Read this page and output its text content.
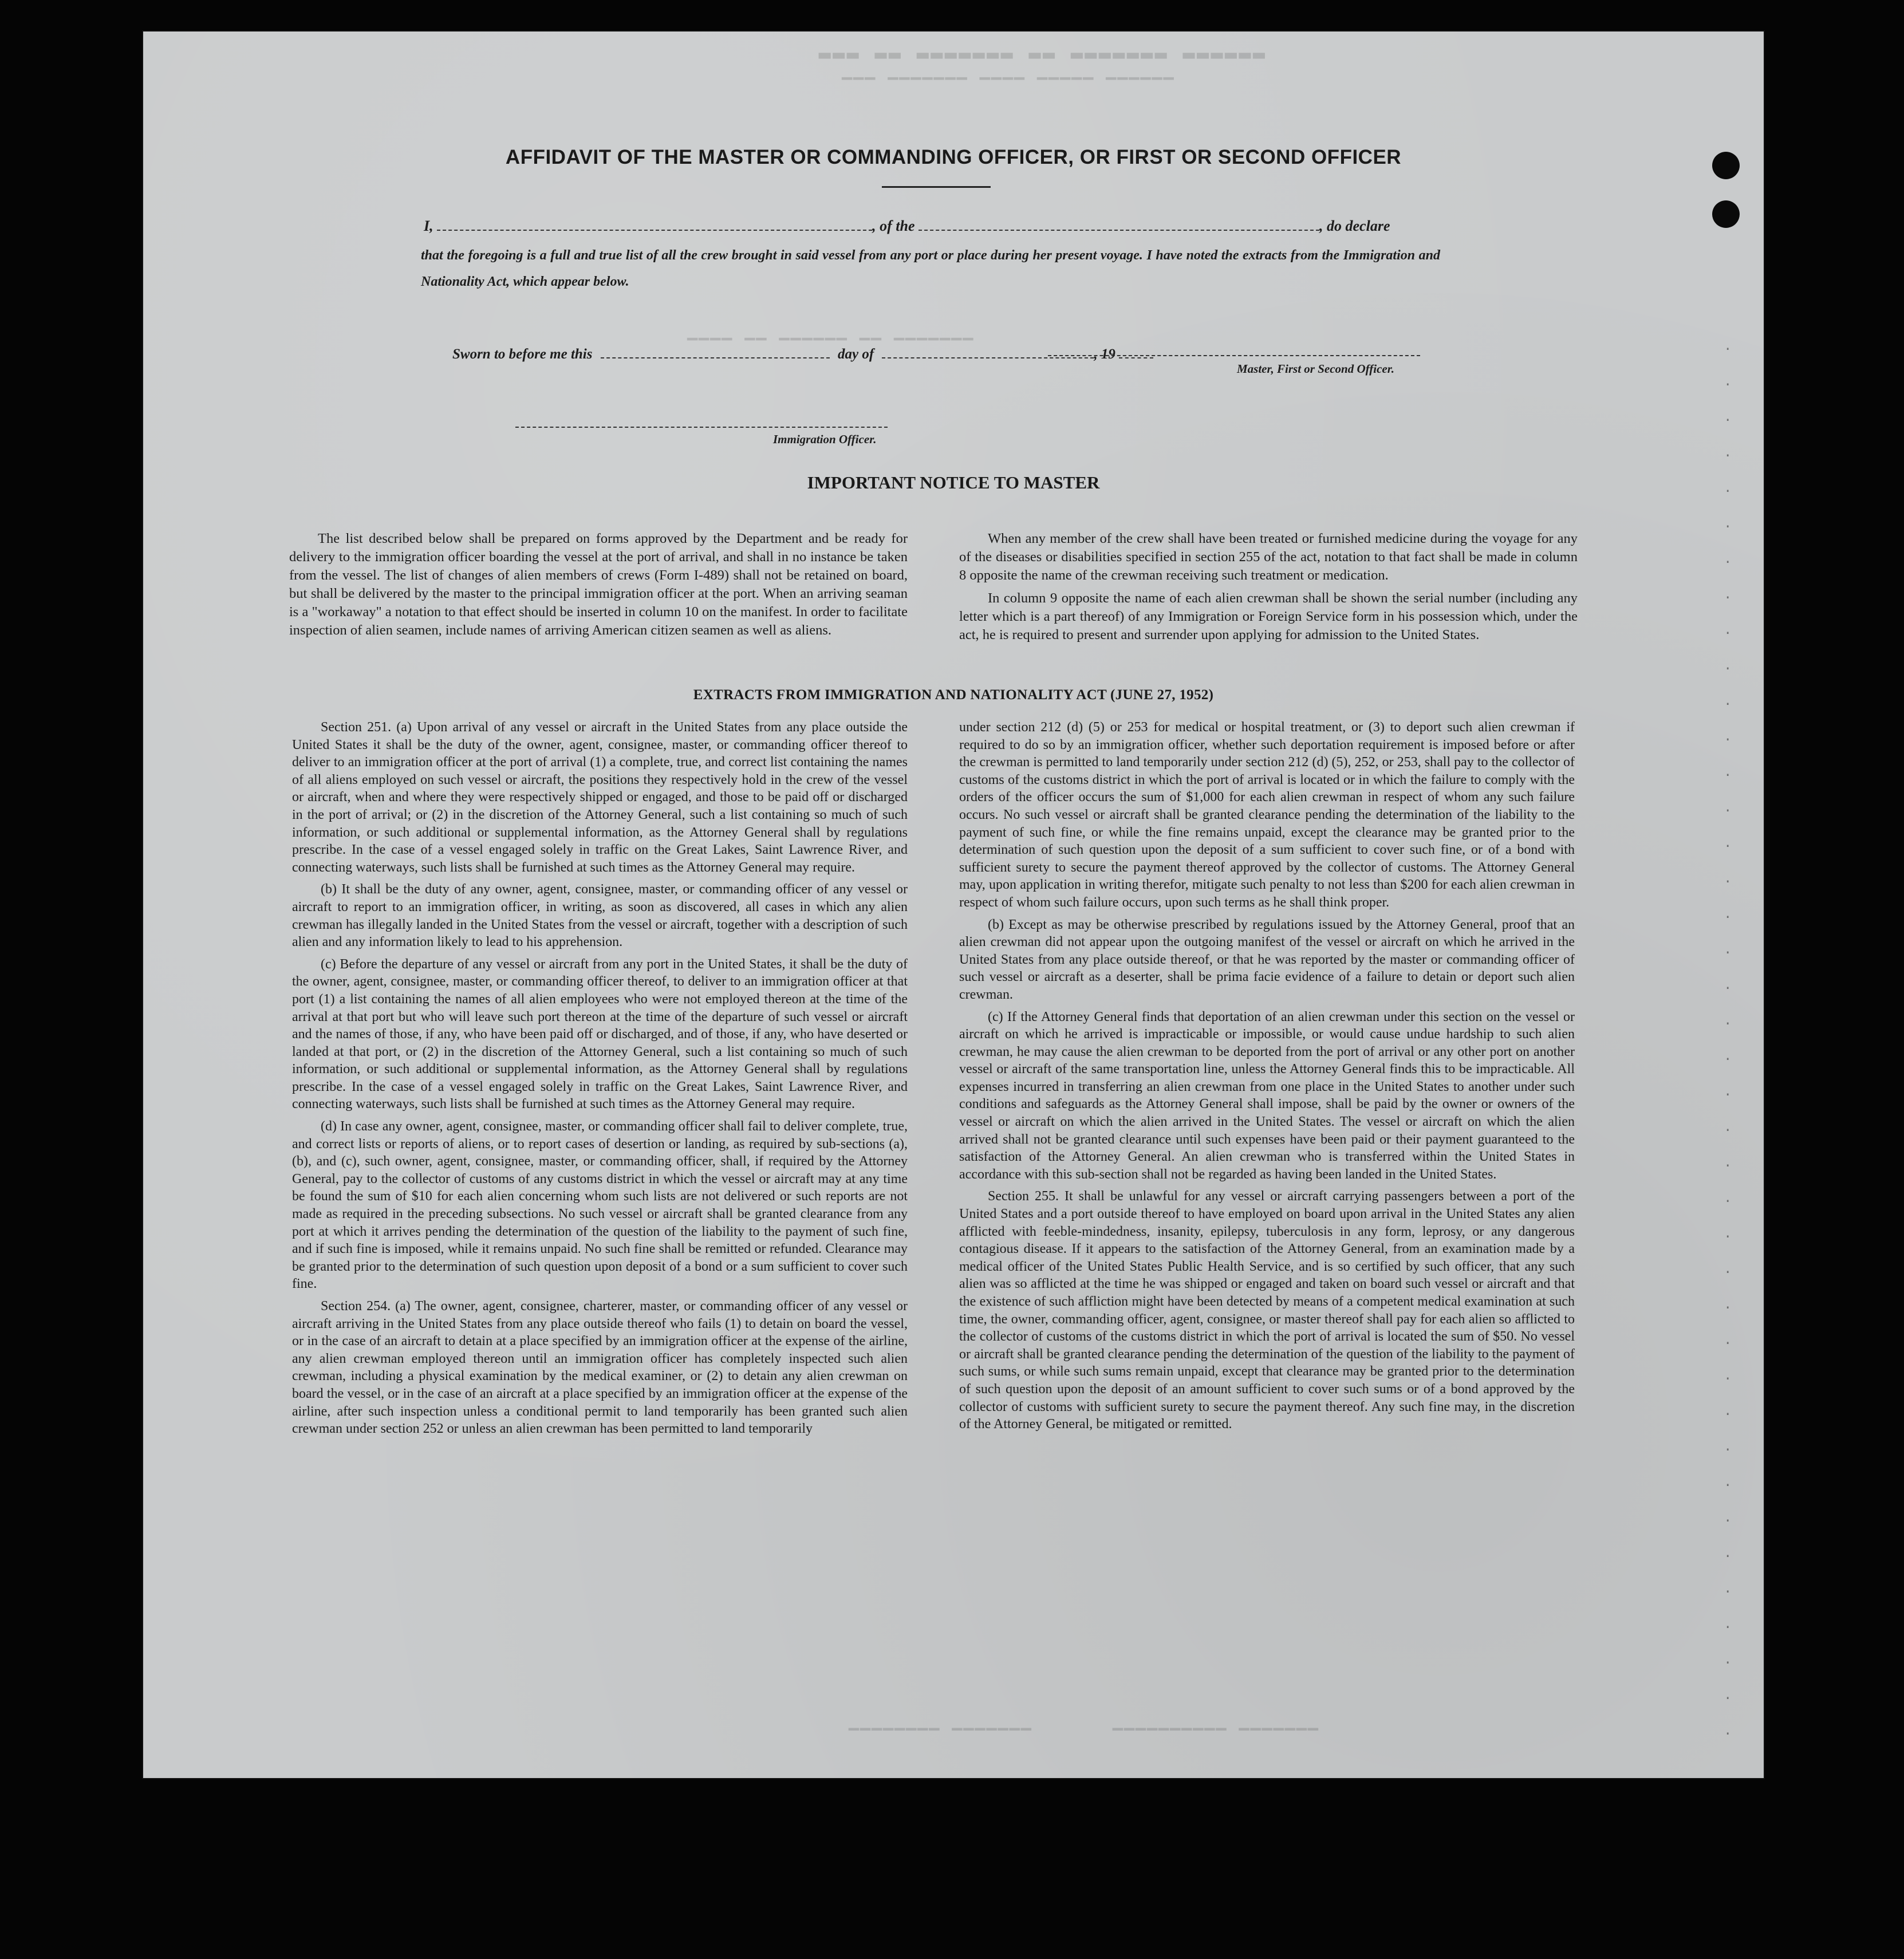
▂▂▂ ▂▂ ▂▂▂▂▂▂▂ ▂▂ ▂▂▂▂▂▂▂ ▂▂▂▂▂▂
▁▁▁ ▁▁▁▁▁▁▁ ▁▁▁▁ ▁▁▁▁▁ ▁▁▁▁▁▁
▁▁▁▁ ▁▁ ▁▁▁▁▁▁ ▁▁ ▁▁▁▁▁▁▁
▁▁▁▁▁▁▁ ▁▁▁▁▁▁▁▁▁▁       ▁▁▁▁▁▁▁ ▁▁▁▁▁▁▁▁
.
.
.
.
.
.
.
.
.
.
.
.
.
.
.
.
.
.
.
.
.
.
.
.
.
.
.
.
.
.
.
.
.
.
.
.
.
.
.
.
AFFIDAVIT OF THE MASTER OR COMMANDING OFFICER, OR FIRST OR SECOND OFFICER
I,	, of the	, do declare
that the foregoing is a full and true list of all the crew brought in said vessel from any port or place during her present voyage. I have noted the extracts from the Immigration and Nationality Act, which appear below.
Master, First or Second Officer.
Sworn to before me this	day of	, 19
Immigration Officer.
IMPORTANT NOTICE TO MASTER

The list described below shall be prepared on forms approved by the Department and be ready for delivery to the immigration officer boarding the vessel at the port of arrival, and shall in no instance be taken from the vessel. The list of changes of alien members of crews (Form I-489) shall not be retained on board, but shall be delivered by the master to the principal immigration officer at the port. When an arriving seaman is a "workaway" a notation to that effect should be inserted in column 10 on the manifest. In order to facilitate inspection of alien seamen, include names of arriving American citizen seamen as well as aliens.

When any member of the crew shall have been treated or furnished medicine during the voyage for any of the diseases or disabilities specified in section 255 of the act, notation to that fact shall be made in column 8 opposite the name of the crewman receiving such treatment or medication.

In column 9 opposite the name of each alien crewman shall be shown the serial number (including any letter which is a part thereof) of any Immigration or Foreign Service form in his possession which, under the act, he is required to present and surrender upon applying for admission to the United States.

EXTRACTS FROM IMMIGRATION AND NATIONALITY ACT (JUNE 27, 1952)

Section 251. (a) Upon arrival of any vessel or aircraft in the United States from any place outside the United States it shall be the duty of the owner, agent, consignee, master, or commanding officer thereof to deliver to an immigration officer at the port of arrival (1) a complete, true, and correct list containing the names of all aliens employed on such vessel or aircraft, the positions they respectively hold in the crew of the vessel or aircraft, when and where they were respectively shipped or engaged, and those to be paid off or discharged in the port of arrival; or (2) in the discretion of the Attorney General, such a list containing so much of such information, or such additional or supplemental information, as the Attorney General shall by regulations prescribe. In the case of a vessel engaged solely in traffic on the Great Lakes, Saint Lawrence River, and connecting waterways, such lists shall be furnished at such times as the Attorney General may require.

(b) It shall be the duty of any owner, agent, consignee, master, or commanding officer of any vessel or aircraft to report to an immigration officer, in writing, as soon as discovered, all cases in which any alien crewman has illegally landed in the United States from the vessel or aircraft, together with a description of such alien and any information likely to lead to his apprehension.

(c) Before the departure of any vessel or aircraft from any port in the United States, it shall be the duty of the owner, agent, consignee, master, or commanding officer thereof, to deliver to an immigration officer at that port (1) a list containing the names of all alien employees who were not employed thereon at the time of the arrival at that port but who will leave such port thereon at the time of the departure of such vessel or aircraft and the names of those, if any, who have been paid off or discharged, and of those, if any, who have deserted or landed at that port, or (2) in the discretion of the Attorney General, such a list containing so much of such information, or such additional or supplemental information, as the Attorney General shall by regulations prescribe. In the case of a vessel engaged solely in traffic on the Great Lakes, Saint Lawrence River, and connecting waterways, such lists shall be furnished at such times as the Attorney General may require.

(d) In case any owner, agent, consignee, master, or commanding officer shall fail to deliver complete, true, and correct lists or reports of aliens, or to report cases of desertion or landing, as required by sub-sections (a), (b), and (c), such owner, agent, consignee, master, or commanding officer, shall, if required by the Attorney General, pay to the collector of customs of any customs district in which the vessel or aircraft may at any time be found the sum of $10 for each alien concerning whom such lists are not delivered or such reports are not made as required in the preceding subsections. No such vessel or aircraft shall be granted clearance from any port at which it arrives pending the determination of the question of the liability to the payment of such fine, and if such fine is imposed, while it remains unpaid. No such fine shall be remitted or refunded. Clearance may be granted prior to the determination of such question upon deposit of a bond or a sum sufficient to cover such fine.

Section 254. (a) The owner, agent, consignee, charterer, master, or commanding officer of any vessel or aircraft arriving in the United States from any place outside thereof who fails (1) to detain on board the vessel, or in the case of an aircraft to detain at a place specified by an immigration officer at the expense of the airline, any alien crewman employed thereon until an immigration officer has completely inspected such alien crewman, including a physical examination by the medical examiner, or (2) to detain any alien crewman on board the vessel, or in the case of an aircraft at a place specified by an immigration officer at the expense of the airline, after such inspection unless a conditional permit to land temporarily has been granted such alien crewman under section 252 or unless an alien crewman has been permitted to land temporarily

under section 212 (d) (5) or 253 for medical or hospital treatment, or (3) to deport such alien crewman if required to do so by an immigration officer, whether such deportation requirement is imposed before or after the crewman is permitted to land temporarily under section 212 (d) (5), 252, or 253, shall pay to the collector of customs of the customs district in which the port of arrival is located or in which the failure to comply with the orders of the officer occurs the sum of $1,000 for each alien crewman in respect of whom any such failure occurs. No such vessel or aircraft shall be granted clearance pending the determination of the liability to the payment of such fine, or while the fine remains unpaid, except the clearance may be granted prior to the determination of such question upon the deposit of a sum sufficient to cover such fine, or of a bond with sufficient surety to secure the payment thereof approved by the collector of customs. The Attorney General may, upon application in writing therefor, mitigate such penalty to not less than $200 for each alien crewman in respect of whom such failure occurs, upon such terms as he shall think proper.

(b) Except as may be otherwise prescribed by regulations issued by the Attorney General, proof that an alien crewman did not appear upon the outgoing manifest of the vessel or aircraft on which he arrived in the United States from any place outside thereof, or that he was reported by the master or commanding officer of such vessel or aircraft as a deserter, shall be prima facie evidence of a failure to detain or deport such alien crewman.

(c) If the Attorney General finds that deportation of an alien crewman under this section on the vessel or aircraft on which he arrived is impracticable or impossible, or would cause undue hardship to such alien crewman, he may cause the alien crewman to be deported from the port of arrival or any other port on another vessel or aircraft of the same transportation line, unless the Attorney General finds this to be impracticable. All expenses incurred in transferring an alien crewman from one place in the United States to another under such conditions and safeguards as the Attorney General shall impose, shall be paid by the owner or owners of the vessel or aircraft on which the alien arrived in the United States. The vessel or aircraft on which the alien arrived shall not be granted clearance until such expenses have been paid or their payment guaranteed to the satisfaction of the Attorney General. An alien crewman who is transferred within the United States in accordance with this sub-section shall not be regarded as having been landed in the United States.

Section 255. It shall be unlawful for any vessel or aircraft carrying passengers between a port of the United States and a port outside thereof to have employed on board upon arrival in the United States any alien afflicted with feeble-mindedness, insanity, epilepsy, tuberculosis in any form, leprosy, or any dangerous contagious disease. If it appears to the satisfaction of the Attorney General, from an examination made by a medical officer of the United States Public Health Service, and is so certified by such officer, that any such alien was so afflicted at the time he was shipped or engaged and taken on board such vessel or aircraft and that the existence of such affliction might have been detected by means of a competent medical examination at such time, the owner, commanding officer, agent, consignee, or master thereof shall pay for each alien so afflicted to the collector of customs of the customs district in which the port of arrival is located the sum of $50. No vessel or aircraft shall be granted clearance pending the determination of the question of the liability to the payment of such sums, or while such sums remain unpaid, except that clearance may be granted prior to the determination of such question upon the deposit of an amount sufficient to cover such sums or of a bond approved by the collector of customs with sufficient surety to secure the payment thereof. Any such fine may, in the discretion of the Attorney General, be mitigated or remitted.
